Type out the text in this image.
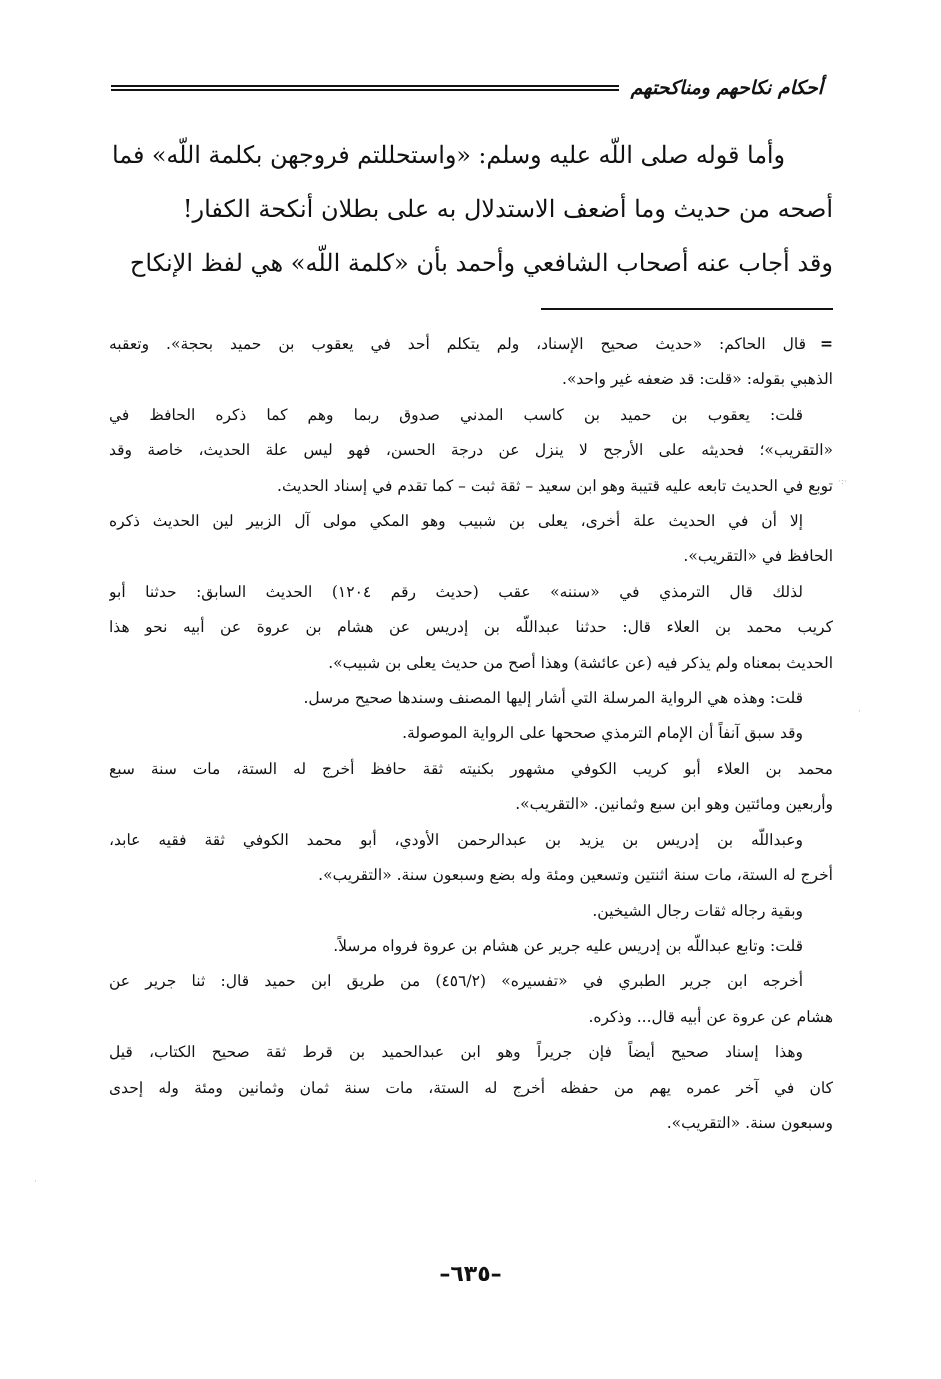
أحكام نكاحهم ومناكحتهم
وأما قوله صلى اللّه عليه وسلم: «واستحللتم فروجهن بكلمة اللّه» فما
أصحه من حديث وما أضعف الاستدلال به على بطلان أنكحة الكفار!
وقد أجاب عنه أصحاب الشافعي وأحمد بأن «كلمة اللّه» هي لفظ الإنكاح
=قال الحاكم: «حديث صحيح الإسناد، ولم يتكلم أحد في يعقوب بن حميد بحجة». وتعقبه
الذهبي بقوله: «قلت: قد ضعفه غير واحد».
قلت: يعقوب بن حميد بن كاسب المدني صدوق ربما وهم كما ذكره الحافظ في
«التقريب»؛ فحديثه على الأرجح لا ينزل عن درجة الحسن، فهو ليس علة الحديث، خاصة وقد
توبع في الحديث تابعه عليه قتيبة وهو ابن سعيد – ثقة ثبت – كما تقدم في إسناد الحديث.
إلا أن في الحديث علة أخرى، يعلى بن شبيب وهو المكي مولى آل الزبير لين الحديث ذكره
الحافظ في «التقريب».
لذلك قال الترمذي في «سننه» عقب (حديث رقم ١٢٠٤) الحديث السابق: حدثنا أبو
كريب محمد بن العلاء قال: حدثنا عبداللّه بن إدريس عن هشام بن عروة عن أبيه نحو هذا
الحديث بمعناه ولم يذكر فيه (عن عائشة) وهذا أصح من حديث يعلى بن شبيب».
قلت: وهذه هي الرواية المرسلة التي أشار إليها المصنف وسندها صحيح مرسل.
وقد سبق آنفاً أن الإمام الترمذي صححها على الرواية الموصولة.
محمد بن العلاء أبو كريب الكوفي مشهور بكنيته ثقة حافظ أخرج له الستة، مات سنة سبع
وأربعين ومائتين وهو ابن سبع وثمانين. «التقريب».
وعبداللّه بن إدريس بن يزيد بن عبدالرحمن الأودي، أبو محمد الكوفي ثقة فقيه عابد،
أخرج له الستة، مات سنة اثنتين وتسعين ومئة وله بضع وسبعون سنة. «التقريب».
وبقية رجاله ثقات رجال الشيخين.
قلت: وتابع عبداللّه بن إدريس عليه جرير عن هشام بن عروة فرواه مرسلاً.
أخرجه ابن جرير الطبري في «تفسيره» (٤٥٦/٢) من طريق ابن حميد قال: ثنا جرير عن
هشام عن عروة عن أبيه قال... وذكره.
وهذا إسناد صحيح أيضاً فإن جريراً وهو ابن عبدالحميد بن قرط ثقة صحيح الكتاب، قيل
كان في آخر عمره يهم من حفظه أخرج له الستة، مات سنة ثمان وثمانين ومئة وله إحدى
وسبعون سنة. «التقريب».
–٦٣٥–
·:·
·
·
